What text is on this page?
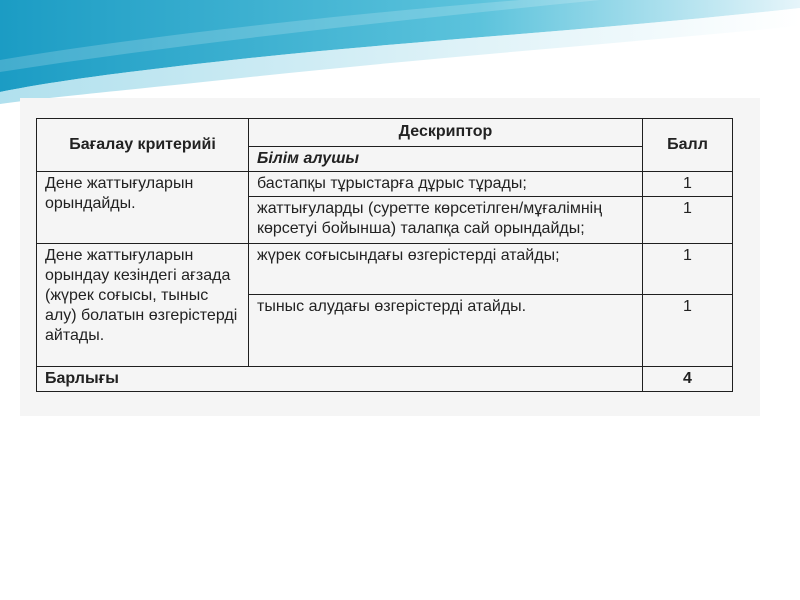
Бағалау критерийі	Дескриптор	Балл
	Білім алушы	
Дене жаттығуларын орындайды.	бастапқы тұрыстарға дұрыс тұрады;	1
	жаттығуларды (суретте көрсетілген/мұғалімнің көрсетуі бойынша) талапқа сай орындайды;	1
Дене жаттығуларын орындау кезіндегі ағзада (жүрек соғысы, тыныс алу) болатын өзгерістерді айтады.	жүрек соғысындағы өзгерістерді атайды;	1
	тыныс алудағы өзгерістерді атайды.	1
Барлығы		4
